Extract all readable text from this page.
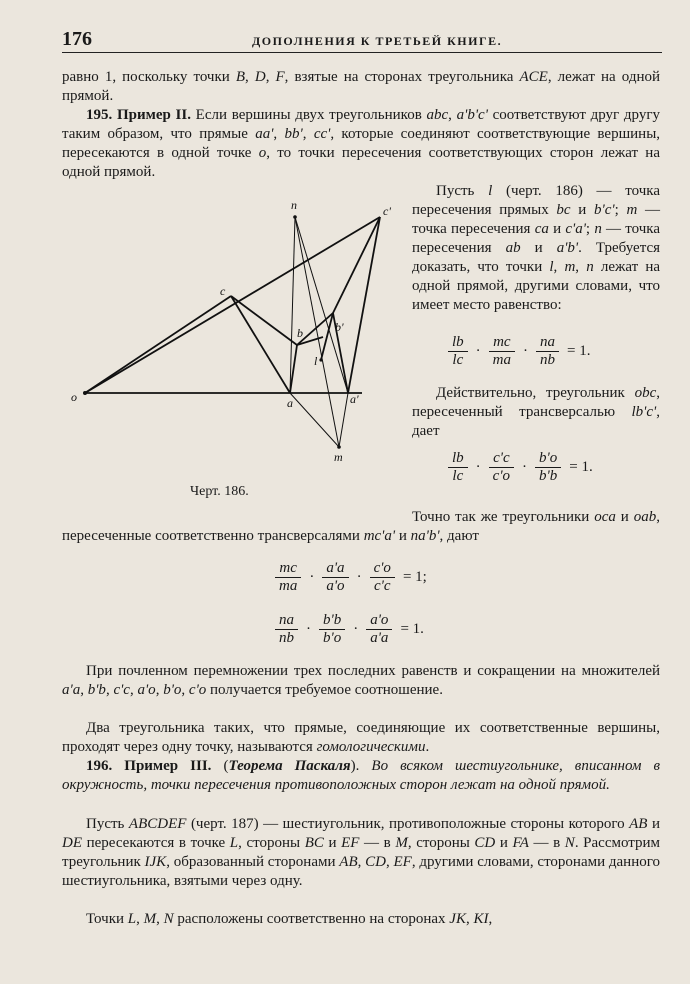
176	ДОПОЛНЕНИЯ К ТРЕТЬЕЙ КНИГЕ.

равно 1, поскольку точки B, D, F, взятые на сторонах треугольника ACE, лежат на одной прямой.

195. Пример II. Если вершины двух треугольников abc, a'b'c' соответствуют друг другу таким образом, что прямые aa', bb', cc', которые соединяют соответствующие вершины, пересекаются в одной точке o, то точки пересечения соответствующих сторон лежат на одной прямой.

Пусть l (черт. 186) — точка пересечения прямых bc и b'c'; m — точка пересечения ca и c'a'; n — точка пересечения ab и a'b'. Требуется доказать, что точки l, m, n лежат на одной прямой, другими словами, что имеет место равенство:

$\frac{lb}{lc} \cdot \frac{mc}{ma} \cdot \frac{na}{nb} = 1$.

Действительно, треугольник obc, пересеченный трансверсалью lb'c', дает

$\frac{lb}{lc} \cdot \frac{c'c}{c'o} \cdot \frac{b'o}{b'b} = 1$.

Точно так же треугольники oca и oab, пересеченные соответственно трансверсалями mc'a' и na'b', дают

$\frac{mc}{ma} \cdot \frac{a'a}{a'o} \cdot \frac{c'o}{c'c} = 1$;
$\frac{na}{nb} \cdot \frac{b'b}{b'o} \cdot \frac{a'o}{a'a} = 1$.

При почленном перемножении трех последних равенств и сокращении на множителей a'a, b'b, c'c, a'o, b'o, c'o получается требуемое соотношение.

Два треугольника таких, что прямые, соединяющие их соответственные вершины, проходят через одну точку, называются гомологическими.

196. Пример III. (Теорема Паскаля). Во всяком шестиугольнике, вписанном в окружность, точки пересечения противоположных сторон лежат на одной прямой.

Пусть ABCDEF (черт. 187) — шестиугольник, противоположные стороны которого AB и DE пересекаются в точке L, стороны BC и EF — в M, стороны CD и FA — в N. Рассмотрим треугольник IJK, образованный сторонами AB, CD, EF, другими словами, сторонами данного шестиугольника, взятыми через одну.

Точки L, M, N расположены соответственно на сторонах JK, KI,

n	c'
c
b	b'
l
o	a	a'
m
Черт. 186.
